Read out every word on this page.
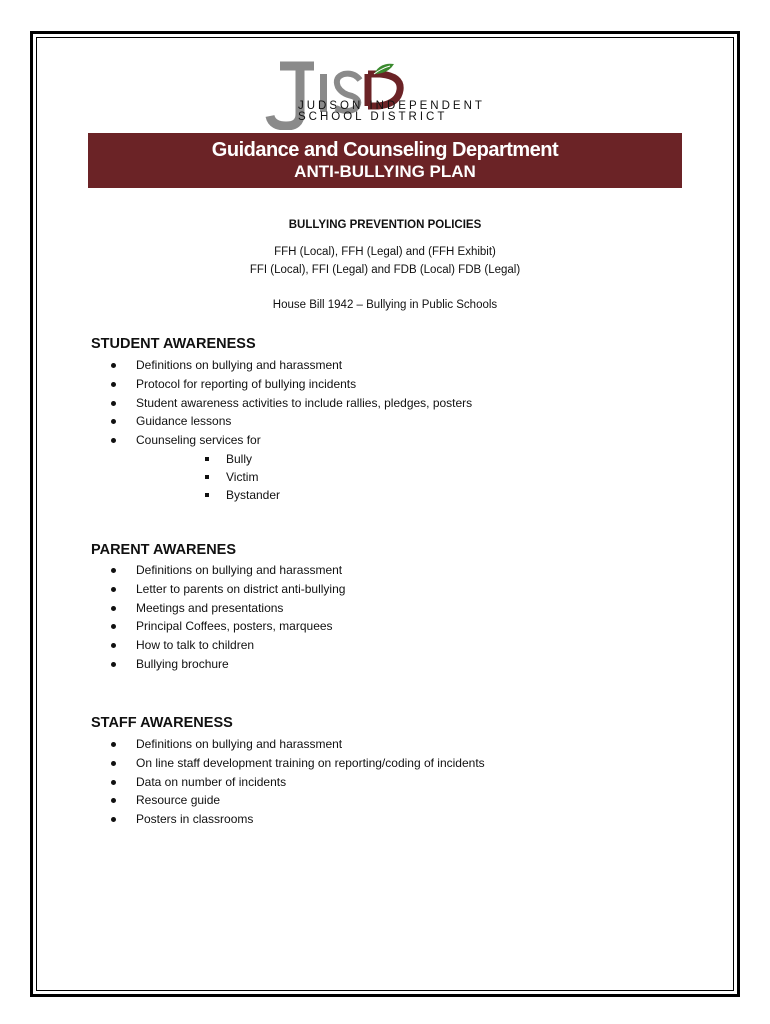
JUDSON INDEPENDENT
SCHOOL DISTRICT
Guidance and Counseling Department
ANTI-BULLYING PLAN
BULLYING PREVENTION POLICIES
FFH (Local), FFH (Legal) and (FFH Exhibit)
FFI (Local), FFI (Legal) and FDB (Local) FDB (Legal)
House Bill 1942 – Bullying in Public Schools
STUDENT AWARENESS
Definitions on bullying and harassment
Protocol for reporting of bullying incidents
Student awareness activities to include rallies, pledges, posters
Guidance lessons
Counseling services for
Bully
Victim
Bystander
PARENT AWARENES
Definitions on bullying and harassment
Letter to parents on district anti-bullying
Meetings and presentations
Principal Coffees, posters, marquees
How to talk to children
Bullying brochure
STAFF AWARENESS
Definitions on bullying and harassment
On line staff development training on reporting/coding of incidents
Data on number of incidents
Resource guide
Posters in classrooms
